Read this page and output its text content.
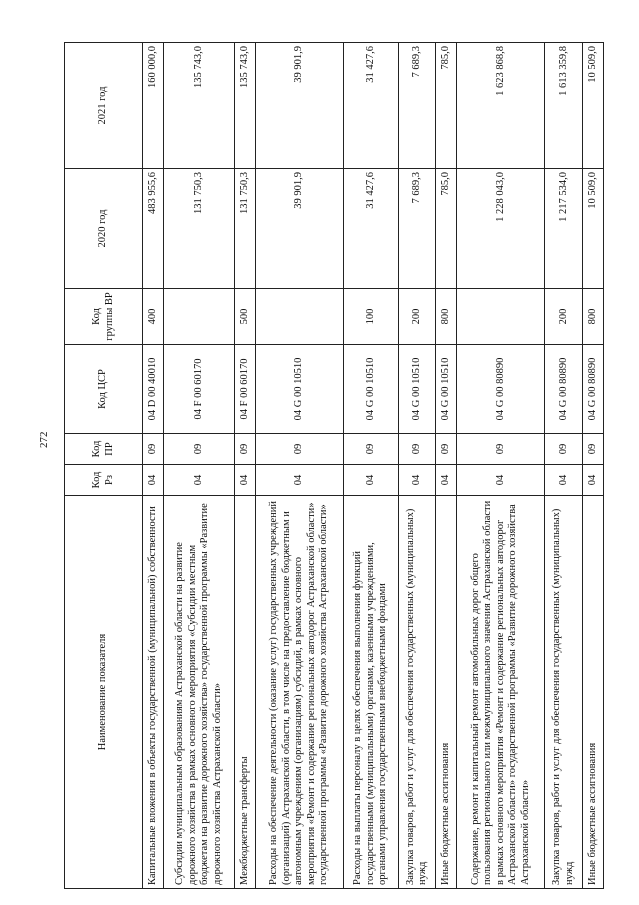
272
Наименование показателя	Код Рз	Код ПР	Код ЦСР	Код группы ВР	2020 год	2021 год
Капитальные вложения в объекты государственной (муниципальной) собственности	04	09	04 D 00 40010	400	483 955,6	160 000,0
Субсидии муниципальным образованиям Астраханской области на развитие дорожного хозяйства в рамках основного мероприятия «Субсидии местным бюджетам на развитие дорожного хозяйства» государственной программы «Развитие дорожного хозяйства Астраханской области»	04	09	04 F 00 60170		131 750,3	135 743,0
Межбюджетные трансферты	04	09	04 F 00 60170	500	131 750,3	135 743,0
Расходы на обеспечение деятельности (оказание услуг) государственных учреждений (организаций) Астраханской области, в том числе на предоставление бюджетным и автономным учреждениям (организациям) субсидий, в рамках основного мероприятия «Ремонт и содержание региональных автодорог Астраханской области» государственной программы «Развитие дорожного хозяйства Астраханской области»	04	09	04 G 00 10510		39 901,9	39 901,9
Расходы на выплаты персоналу в целях обеспечения выполнения функций государственными (муниципальными) органами, казенными учреждениями, органами управления государственными внебюджетными фондами	04	09	04 G 00 10510	100	31 427,6	31 427,6
Закупка товаров, работ и услуг для обеспечения государственных (муниципальных) нужд	04	09	04 G 00 10510	200	7 689,3	7 689,3
Иные бюджетные ассигнования	04	09	04 G 00 10510	800	785,0	785,0
Содержание, ремонт и капитальный ремонт автомобильных дорог общего пользования регионального или межмуниципального значения Астраханской области в рамках основного мероприятия «Ремонт и содержание региональных автодорог Астраханской области» государственной программы «Развитие дорожного хозяйства Астраханской области»	04	09	04 G 00 80890		1 228 043,0	1 623 868,8
Закупка товаров, работ и услуг для обеспечения государственных (муниципальных) нужд	04	09	04 G 00 80890	200	1 217 534,0	1 613 359,8
Иные бюджетные ассигнования	04	09	04 G 00 80890	800	10 509,0	10 509,0
